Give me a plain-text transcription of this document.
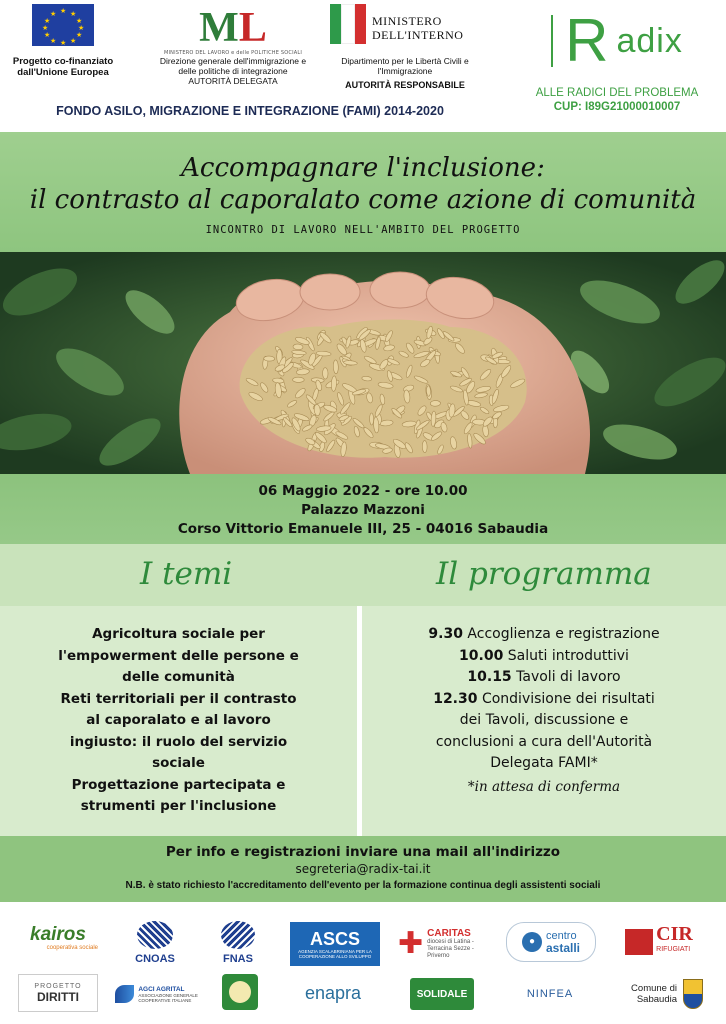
★ ★
★
★
★
★
★
★
★
★
★
★
Progetto co-finanziato dall'Unione Europea
M L
MINISTERO DEL LAVORO e delle POLITICHE SOCIALI
Direzione generale dell'immigrazione e delle politiche di integrazione
AUTORITÀ DELEGATA
MINISTERO
DELL'INTERNO
Dipartimento per le Libertà Civili e l'Immigrazione
AUTORITÀ RESPONSABILE
R adix
ALLE RADICI DEL PROBLEMA
CUP: I89G21000010007
FONDO ASILO, MIGRAZIONE E INTEGRAZIONE (FAMI) 2014-2020
Accompagnare l'inclusione:
il contrasto al caporalato come azione di comunità
INCONTRO DI LAVORO NELL'AMBITO DEL PROGETTO
06 Maggio 2022 - ore 10.00
Palazzo Mazzoni
Corso Vittorio Emanuele III, 25 - 04016 Sabaudia
I temi	Il programma
Agricoltura sociale per
l'empowerment delle persone e
delle comunità
Reti territoriali per il contrasto
al caporalato e al lavoro
ingiusto: il ruolo del servizio
sociale
Progettazione partecipata e
strumenti per l'inclusione
9.30 Accoglienza e registrazione
10.00 Saluti introduttivi
10.15 Tavoli di lavoro
12.30 Condivisione dei risultati
dei Tavoli, discussione e
conclusioni a cura dell'Autorità
Delegata FAMI*
*in attesa di conferma
Per info e registrazioni inviare una mail all'indirizzo
segreteria@radix-tai.it
N.B. è stato richiesto l'accreditamento dell'evento per la formazione continua degli assistenti sociali
kairos
cooperativa sociale
CNOAS	FNAS
ASCS
AGENZIA SCALABRINIANA PER LA COOPERAZIONE ALLO SVILUPPO ✚ CARITAS
diocesi di Latina - Terracina Sezze - Priverno
● centro
astalli
CIR
RIFUGIATI
PROGETTO
DIRITTI
AGCI AGRITAL
ASSOCIAZIONE GENERALE COOPERATIVE ITALIANE	enapra	SOLIDALE	NINFEA	Comune di Sabaudia
